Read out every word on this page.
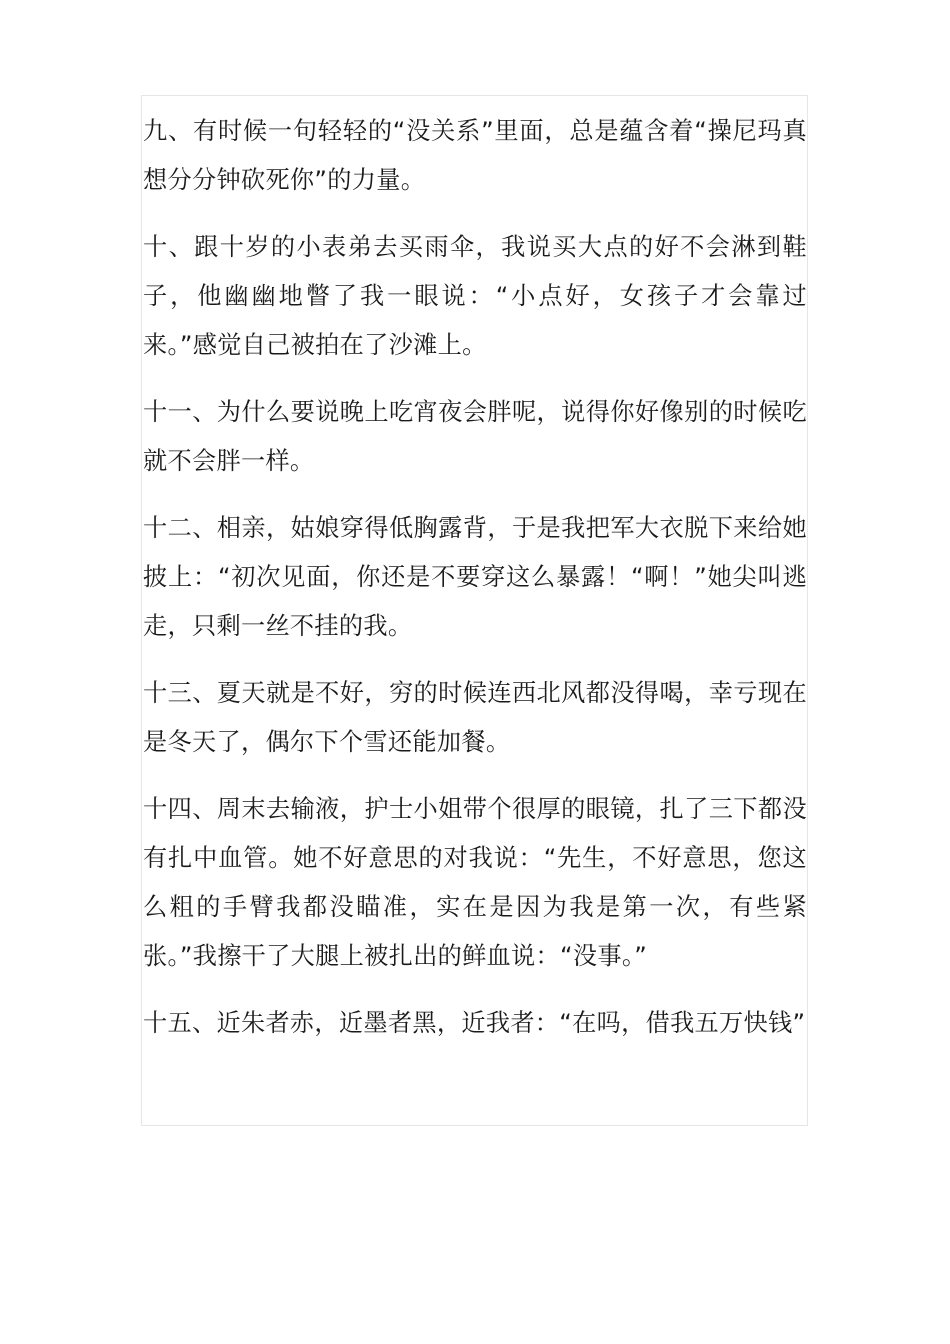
九、有时候一句轻轻的“没关系”里面，总是蕴含着“操尼玛真想分分钟砍死你”的力量。

十、跟十岁的小表弟去买雨伞，我说买大点的好不会淋到鞋子，他幽幽地瞥了我一眼说：“小点好，女孩子才会靠过来。”感觉自己被拍在了沙滩上。

十一、为什么要说晚上吃宵夜会胖呢，说得你好像别的时候吃就不会胖一样。

十二、相亲，姑娘穿得低胸露背，于是我把军大衣脱下来给她披上：“初次见面，你还是不要穿这么暴露！“啊！”她尖叫逃走，只剩一丝不挂的我。

十三、夏天就是不好，穷的时候连西北风都没得喝，幸亏现在是冬天了，偶尔下个雪还能加餐。

十四、周末去输液，护士小姐带个很厚的眼镜，扎了三下都没有扎中血管。她不好意思的对我说：“先生，不好意思，您这么粗的手臂我都没瞄准，实在是因为我是第一次，有些紧张。”我擦干了大腿上被扎出的鲜血说：“没事。”

十五、近朱者赤，近墨者黑，近我者：“在吗，借我五万快钱”
